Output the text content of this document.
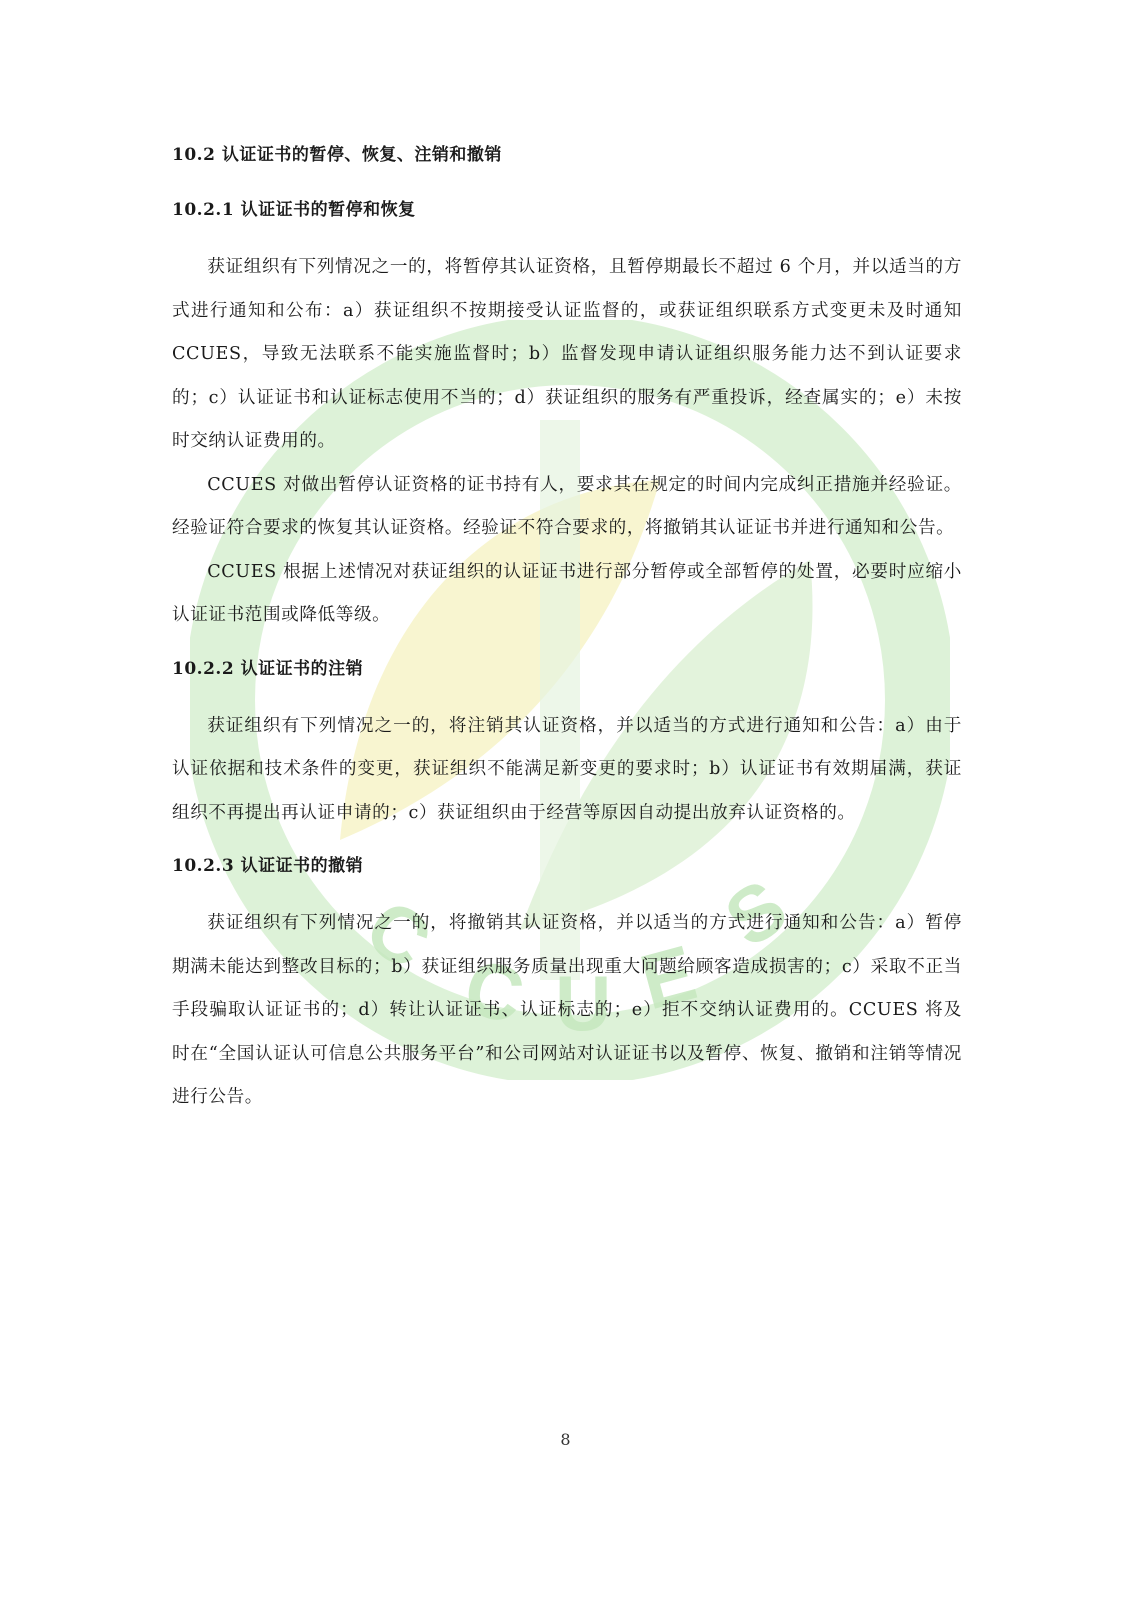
C
C U E
S
10.2 认证证书的暂停、恢复、注销和撤销
10.2.1 认证证书的暂停和恢复

获证组织有下列情况之一的，将暂停其认证资格，且暂停期最长不超过 6 个月，并以适当的方式进行通知和公布：a）获证组织不按期接受认证监督的，或获证组织联系方式变更未及时通知 CCUES，导致无法联系不能实施监督时；b）监督发现申请认证组织服务能力达不到认证要求的；c）认证证书和认证标志使用不当的；d）获证组织的服务有严重投诉，经查属实的；e）未按时交纳认证费用的。

CCUES 对做出暂停认证资格的证书持有人，要求其在规定的时间内完成纠正措施并经验证。经验证符合要求的恢复其认证资格。经验证不符合要求的，将撤销其认证证书并进行通知和公告。

CCUES 根据上述情况对获证组织的认证证书进行部分暂停或全部暂停的处置，必要时应缩小认证证书范围或降低等级。

10.2.2 认证证书的注销

获证组织有下列情况之一的，将注销其认证资格，并以适当的方式进行通知和公告：a）由于认证依据和技术条件的变更，获证组织不能满足新变更的要求时；b）认证证书有效期届满，获证组织不再提出再认证申请的；c）获证组织由于经营等原因自动提出放弃认证资格的。

10.2.3 认证证书的撤销

获证组织有下列情况之一的，将撤销其认证资格，并以适当的方式进行通知和公告：a）暂停期满未能达到整改目标的；b）获证组织服务质量出现重大问题给顾客造成损害的；c）采取不正当手段骗取认证证书的；d）转让认证证书、认证标志的；e）拒不交纳认证费用的。CCUES 将及时在“全国认证认可信息公共服务平台”和公司网站对认证证书以及暂停、恢复、撤销和注销等情况进行公告。

8
